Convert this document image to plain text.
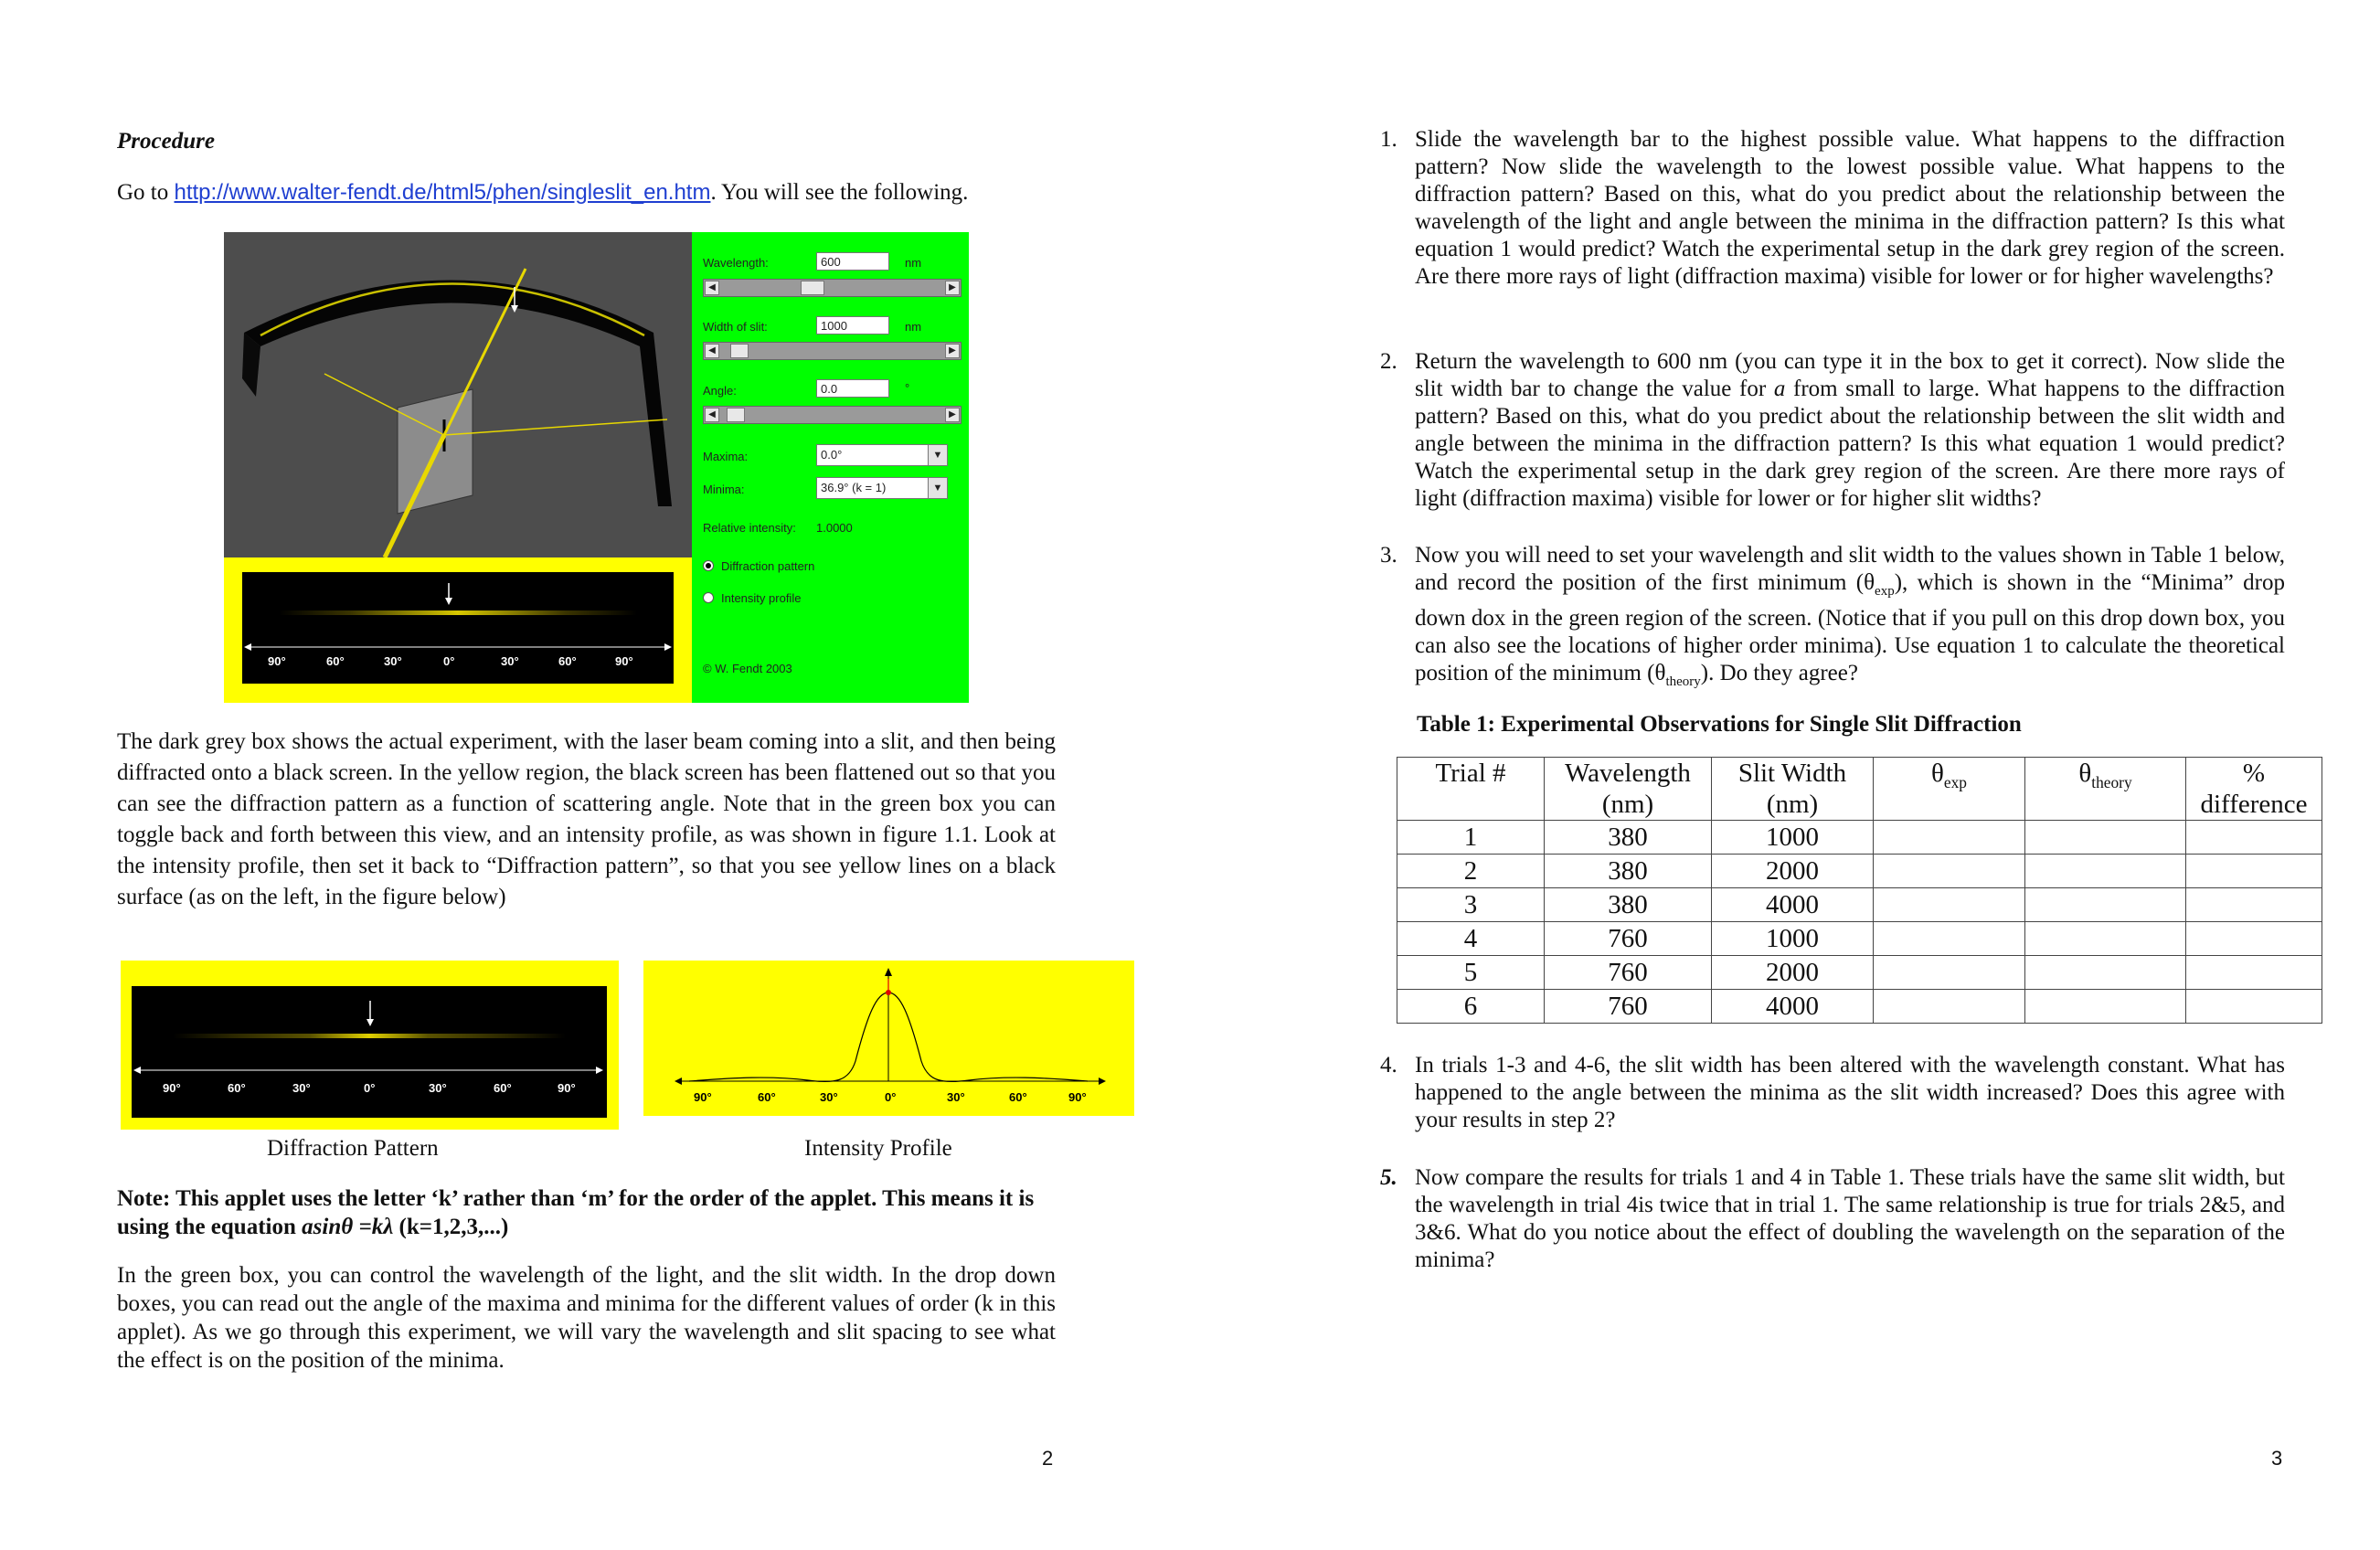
Procedure
Go to http://www.walter-fendt.de/html5/phen/singleslit_en.htm. You will see the following.
90°	60°	30°	0°	30°	60°	90°
Wavelength:	600	nm
◀	▶
Width of slit:	1000	nm
◀	▶
Angle:	0.0	°
◀	▶
Maxima:	0.0°	▼
Minima:	36.9° (k = 1)	▼
Relative intensity: 1.0000
Diffraction pattern
Intensity profile
© W. Fendt 2003
The dark grey box shows the actual experiment, with the laser beam coming into a slit, and then being diffracted onto a black screen. In the yellow region, the black screen has been flattened out so that you can see the diffraction pattern as a function of scattering angle. Note that in the green box you can toggle back and forth between this view, and an intensity profile, as was shown in figure 1.1. Look at the intensity profile, then set it back to “Diffraction pattern”, so that you see yellow lines on a black surface (as on the left, in the figure below)
90°	60°	30°	0°	30°	60°	90°
90°	60°	30°	0°	30°	60°	90°
Diffraction Pattern	Intensity Profile
Note: This applet uses the letter ‘k’ rather than ‘m’ for the order of the applet. This means it is using the equation asinθ =kλ (k=1,2,3,...)
In the green box, you can control the wavelength of the light, and the slit width. In the drop down boxes, you can read out the angle of the maxima and minima for the different values of order (k in this applet). As we go through this experiment, we will vary the wavelength and slit spacing to see what the effect is on the position of the minima.
2
1. Slide the wavelength bar to the highest possible value. What happens to the diffraction pattern? Now slide the wavelength to the lowest possible value. What happens to the diffraction pattern? Based on this, what do you predict about the relationship between the wavelength of the light and angle between the minima in the diffraction pattern? Is this what equation 1 would predict? Watch the experimental setup in the dark grey region of the screen. Are there more rays of light (diffraction maxima) visible for lower or for higher wavelengths?
2. Return the wavelength to 600 nm (you can type it in the box to get it correct). Now slide the slit width bar to change the value for a from small to large. What happens to the diffraction pattern? Based on this, what do you predict about the relationship between the slit width and angle between the minima in the diffraction pattern? Is this what equation 1 would predict? Watch the experimental setup in the dark grey region of the screen. Are there more rays of light (diffraction maxima) visible for lower or for higher slit widths?
3. Now you will need to set your wavelength and slit width to the values shown in Table 1 below, and record the position of the first minimum $(\theta_{exp})$, which is shown in the “Minima” drop down dox in the green region of the screen. (Notice that if you pull on this drop down box, you can also see the locations of higher order minima). Use equation 1 to calculate the theoretical position of the minimum $(\theta_{theory})$. Do they agree?
Table 1: Experimental Observations for Single Slit Diffraction
4. In trials 1-3 and 4-6, the slit width has been altered with the wavelength constant. What has happened to the angle between the minima as the slit width increased? Does this agree with your results in step 2?
5. Now compare the results for trials 1 and 4 in Table 1. These trials have the same slit width, but the wavelength in trial 4is twice that in trial 1. The same relationship is true for trials 2&5, and 3&6. What do you notice about the effect of doubling the wavelength on the separation of the minima?
3
Trial #	Wavelength (nm)	Slit Width (nm)	$\theta_{exp}$	$\theta_{theory}$	% difference
1	380	1000			
2	380	2000			
3	380	4000			
4	760	1000			
5	760	2000			
6	760	4000			
